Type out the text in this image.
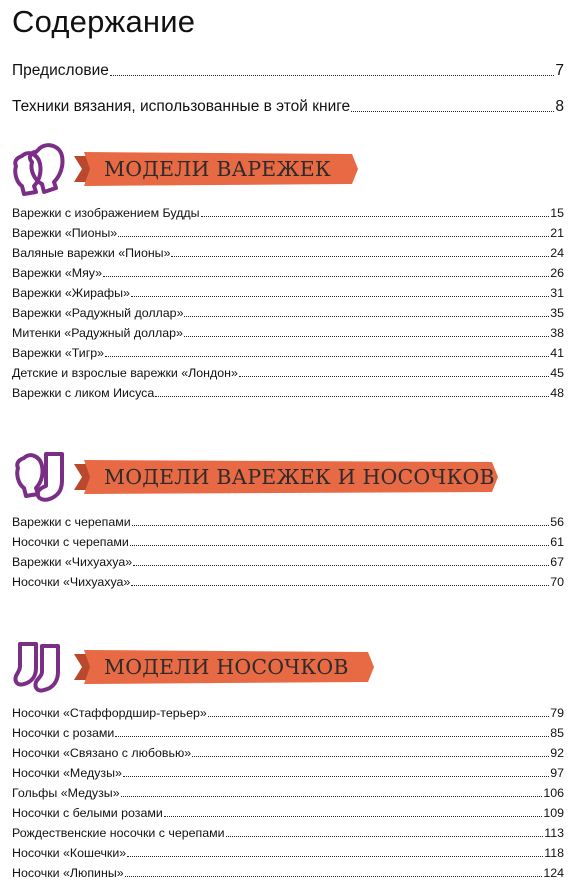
Содержание
Предисловие	7
Техники вязания, использованные в этой книге	8
МОДЕЛИ ВАРЕЖЕК
Варежки с изображением Будды	15
Варежки «Пионы»	21
Валяные варежки «Пионы»	24
Варежки «Мяу»	26
Варежки «Жирафы»	31
Варежки «Радужный доллар»	35
Митенки «Радужный доллар»	38
Варежки «Тигр»	41
Детские и взрослые варежки «Лондон»	45
Варежки с ликом Иисуса	48
МОДЕЛИ ВАРЕЖЕК И НОСОЧКОВ
Варежки с черепами	56
Носочки с черепами	61
Варежки «Чихуахуа»	67
Носочки «Чихуахуа»	70
МОДЕЛИ НОСОЧКОВ
Носочки «Стаффордшир-терьер»	79
Носочки с розами	85
Носочки «Связано с любовью»	92
Носочки «Медузы»	97
Гольфы «Медузы»	106
Носочки с белыми розами	109
Рождественские носочки с черепами	113
Носочки «Кошечки»	118
Носочки «Люпины»	124
